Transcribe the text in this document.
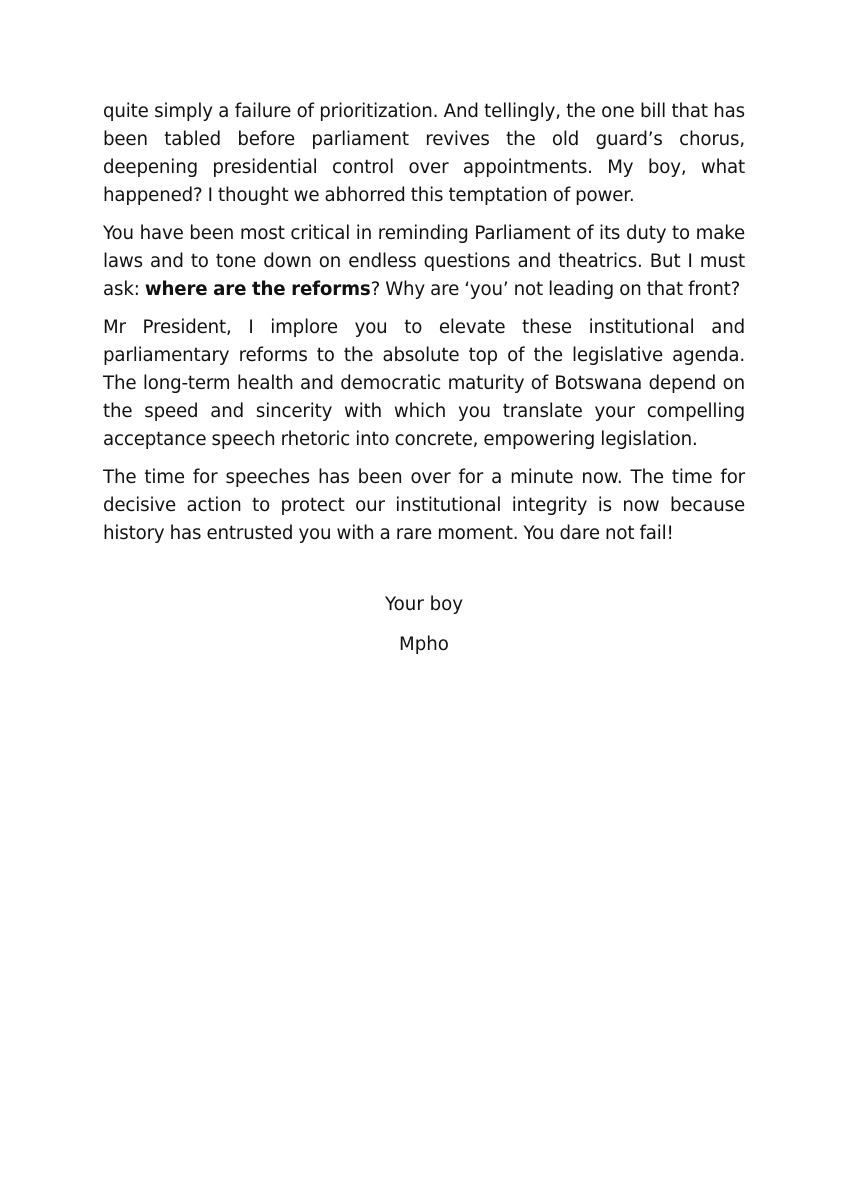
quite simply a failure of prioritization. And tellingly, the one bill that has been tabled before parliament revives the old guard’s chorus, deepening presidential control over appointments. My boy, what happened? I thought we abhorred this temptation of power.

You have been most critical in reminding Parliament of its duty to make laws and to tone down on endless questions and theatrics. But I must ask: where are the reforms? Why are ‘you’ not leading on that front?

Mr President, I implore you to elevate these institutional and parliamentary reforms to the absolute top of the legislative agenda. The long-term health and democratic maturity of Botswana depend on the speed and sincerity with which you translate your compelling acceptance speech rhetoric into concrete, empowering legislation.

The time for speeches has been over for a minute now. The time for decisive action to protect our institutional integrity is now because history has entrusted you with a rare moment. You dare not fail!

Your boy

Mpho
